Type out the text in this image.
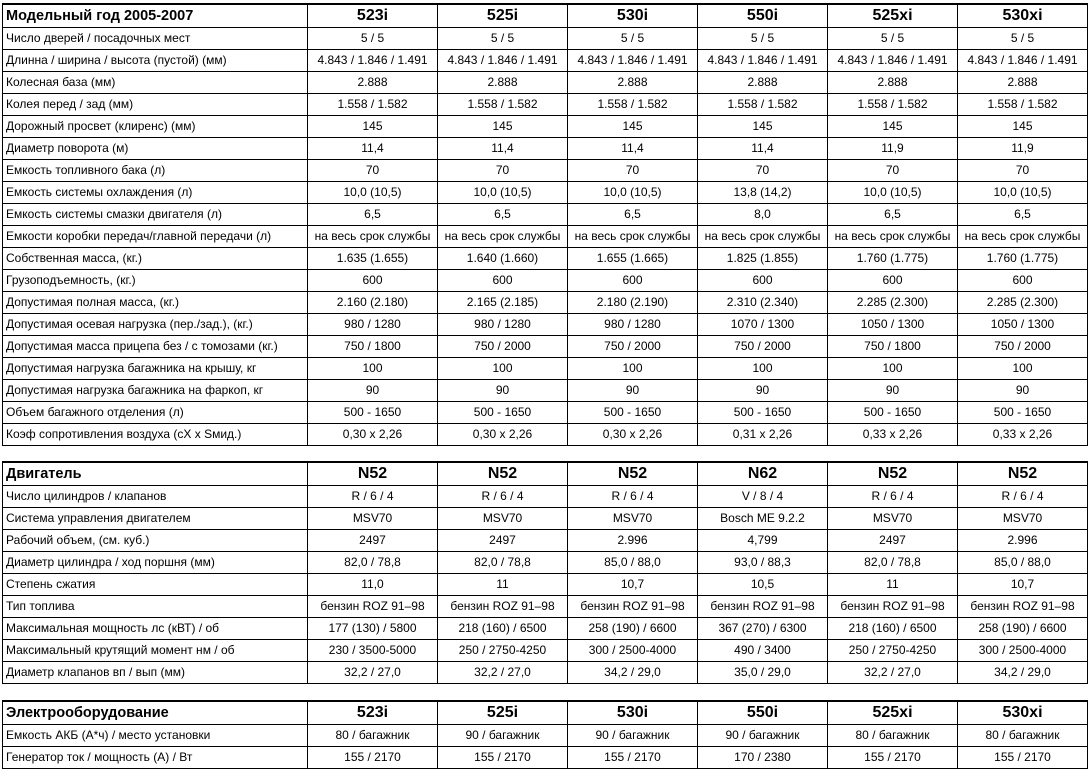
Модельный год 2005-2007	523i	525i	530i	550i	525xi	530xi
Число дверей / посадочных мест	5 / 5	5 / 5	5 / 5	5 / 5	5 / 5	5 / 5
Длинна / ширина / высота (пустой) (мм)	4.843 / 1.846 / 1.491	4.843 / 1.846 / 1.491	4.843 / 1.846 / 1.491	4.843 / 1.846 / 1.491	4.843 / 1.846 / 1.491	4.843 / 1.846 / 1.491
Колесная база (мм)	2.888	2.888	2.888	2.888	2.888	2.888
Колея перед / зад (мм)	1.558 / 1.582	1.558 / 1.582	1.558 / 1.582	1.558 / 1.582	1.558 / 1.582	1.558 / 1.582
Дорожный просвет (клиренс) (мм)	145	145	145	145	145	145
Диаметр поворота (м)	11,4	11,4	11,4	11,4	11,9	11,9
Емкость топливного бака (л)	70	70	70	70	70	70
Емкость системы охлаждения (л)	10,0 (10,5)	10,0 (10,5)	10,0 (10,5)	13,8 (14,2)	10,0 (10,5)	10,0 (10,5)
Емкость системы смазки двигателя (л)	6,5	6,5	6,5	8,0	6,5	6,5
Емкости коробки передач/главной передачи (л)	на весь срок службы	на весь срок службы	на весь срок службы	на весь срок службы	на весь срок службы	на весь срок службы
Собственная масса, (кг.)	1.635 (1.655)	1.640 (1.660)	1.655 (1.665)	1.825 (1.855)	1.760 (1.775)	1.760 (1.775)
Грузоподъемность, (кг.)	600	600	600	600	600	600
Допустимая полная масса, (кг.)	2.160 (2.180)	2.165 (2.185)	2.180 (2.190)	2.310 (2.340)	2.285 (2.300)	2.285 (2.300)
Допустимая осевая нагрузка (пер./зад.), (кг.)	980 / 1280	980 / 1280	980 / 1280	1070 / 1300	1050 / 1300	1050 / 1300
Допустимая масса прицепа без / с томозами (кг.)	750 / 1800	750 / 2000	750 / 2000	750 / 2000	750 / 1800	750 / 2000
Допустимая нагрузка багажника на крышу, кг	100	100	100	100	100	100
Допустимая нагрузка багажника на фаркоп, кг	90	90	90	90	90	90
Объем багажного отделения (л)	500 - 1650	500 - 1650	500 - 1650	500 - 1650	500 - 1650	500 - 1650
Коэф сопротивления воздуха (cX x Sмид.)	0,30 x 2,26	0,30 x 2,26	0,30 x 2,26	0,31 x 2,26	0,33 x 2,26	0,33 x 2,26
Двигатель	N52	N52	N52	N62	N52	N52
Число цилиндров / клапанов	R / 6 / 4	R / 6 / 4	R / 6 / 4	V / 8 / 4	R / 6 / 4	R / 6 / 4
Система управления двигателем	MSV70	MSV70	MSV70	Bosch ME 9.2.2	MSV70	MSV70
Рабочий объем, (см. куб.)	2497	2497	2.996	4,799	2497	2.996
Диаметр цилиндра / ход поршня (мм)	82,0 / 78,8	82,0 / 78,8	85,0 / 88,0	93,0 / 88,3	82,0 / 78,8	85,0 / 88,0
Степень сжатия	11,0	11	10,7	10,5	11	10,7
Тип топлива	бензин ROZ 91–98	бензин ROZ 91–98	бензин ROZ 91–98	бензин ROZ 91–98	бензин ROZ 91–98	бензин ROZ 91–98
Максимальная мощность лс (кВТ) / об	177 (130) / 5800	218 (160) / 6500	258 (190) / 6600	367 (270) / 6300	218 (160) / 6500	258 (190) / 6600
Максимальный крутящий момент нм / об	230 / 3500-5000	250 / 2750-4250	300 / 2500-4000	490 / 3400	250 / 2750-4250	300 / 2500-4000
Диаметр клапанов вп / вып (мм)	32,2 / 27,0	32,2 / 27,0	34,2 / 29,0	35,0 / 29,0	32,2 / 27,0	34,2 / 29,0
Электрооборудование	523i	525i	530i	550i	525xi	530xi
Емкость АКБ (А*ч) / место установки	80 / багажник	90 / багажник	90 / багажник	90 / багажник	80 / багажник	80 / багажник
Генератор ток / мощность (А) / Вт	155 / 2170	155 / 2170	155 / 2170	170 / 2380	155 / 2170	155 / 2170
